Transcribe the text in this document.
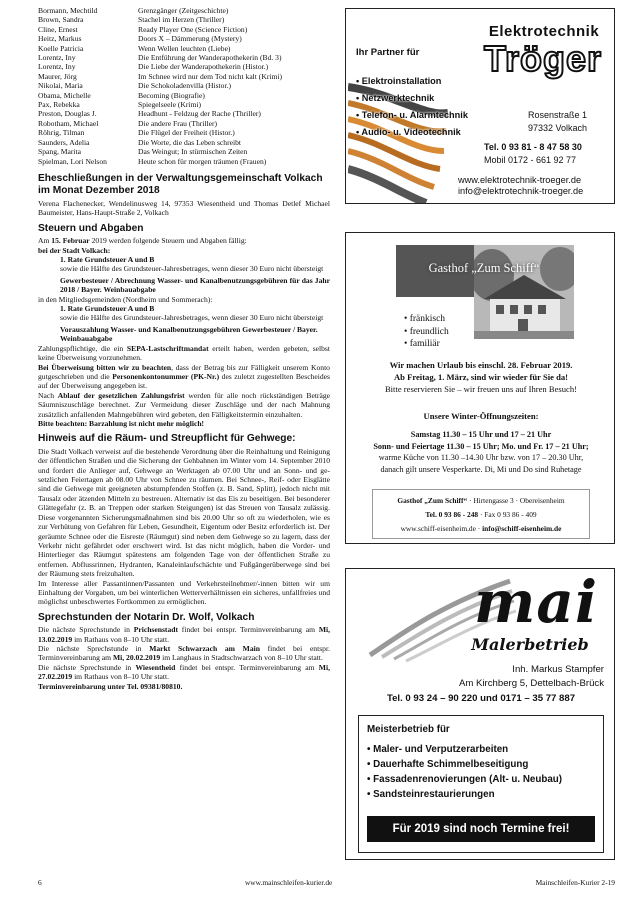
Bormann, Mechtild	Grenzgänger (Zeitgeschichte)
Brown, Sandra	Stachel im Herzen (Thriller)
Cline, Ernest	Ready Player One (Science Fiction)
Heitz, Markus	Doors X – Dämmerung (Mystery)
Koelle Patricia	Wenn Wellen leuchten (Liebe)
Lorentz, Iny	Die Entführung der Wanderapothekerin (Bd. 3)
Lorentz, Iny	Die Liebe der Wanderapothekerin (Histor.)
Maurer, Jörg	Im Schnee wird nur dem Tod nicht kalt (Krimi)
Nikolai, Maria	Die Schokoladenvilla (Histor.)
Obama, Michelle	Becoming (Biografie)
Pax, Rebekka	Spiegelseele (Krimi)
Preston, Douglas J.	Headhunt - Feldzug der Rache (Thriller)
Robotham, Michael	Die andere Frau (Thriller)
Röhrig, Tilman	Die Flügel der Freiheit (Histor.)
Saunders, Adelia	Die Worte, die das Leben schreibt
Spang, Marita	Das Weingut; In stürmischen Zeiten
Spielman, Lori Nelson	Heute schon für morgen träumen (Frauen)
Eheschließungen in der Verwaltungsgemeinschaft Volkach im Monat Dezember 2018

Verena Flachenecker, Wendelinusweg 14, 97353 Wiesentheid und Thomas Detlef Michael Baumeister, Hans-Haupt-Straße 2, Volkach

Steuern und Abgaben

Am 15. Februar 2019 werden folgende Steuern und Abgaben fällig:

bei der Stadt Volkach:

1. Rate Grundsteuer A und B

sowie die Hälfte des Grundsteuer-Jahresbetrages, wenn dieser 30 Euro nicht übersteigt

Gewerbesteuer / Abrechnung Wasser- und Kanalbenutzungsgebühren für das Jahr 2018 / Bayer. Weinbauabgabe

in den Mitgliedsgemeinden (Nordheim und Sommerach):

1. Rate Grundsteuer A und B

sowie die Hälfte des Grundsteuer-Jahresbetrages, wenn dieser 30 Euro nicht übersteigt

Vorauszahlung Wasser- und Kanalbenutzungsgebühren Gewerbesteuer / Bayer. Weinbauabgabe

Zahlungspflichtige, die ein SEPA-Lastschriftmandat erteilt haben, werden gebeten, selbst keine Überweisung vorzunehmen.

Bei Überweisung bitten wir zu beachten, dass der Betrag bis zur Fälligkeit unserem Konto gutgeschrieben und die Personenkontonummer (PK-Nr.) des zuletzt zugestellten Bescheides auf der Überweisung angegeben ist.

Nach Ablauf der gesetzlichen Zahlungsfrist werden für alle noch rückständigen Beträge Säumniszuschläge berechnet. Zur Vermeidung dieser Zuschläge und der nach Mahnung zusätzlich anfallenden Mahngebühren wird gebeten, den Fälligkeitstermin einzuhalten.

Bitte beachten: Barzahlung ist nicht mehr möglich!

Hinweis auf die Räum- und Streupflicht für Gehwege:

Die Stadt Volkach verweist auf die bestehende Verordnung über die Reinhaltung und Reinigung der öffentlichen Straßen und die Sicherung der Gehbahnen im Winter vom 14. September 2010 und fordert die Anlieger auf, Gehwege an Werktagen ab 07.00 Uhr und an Sonn- und gesetzlichen Feiertagen ab 08.00 Uhr von Schnee zu räumen. Bei Schnee-, Reif- oder Eisglätte sind die Gehwege mit geeigneten abstumpfenden Stoffen (z. B. Sand, Splitt), jedoch nicht mit Tausalz oder ätzenden Mitteln zu bestreuen. Alternativ ist das Eis zu beseitigen. Bei besonderer Glättegefahr (z. B. an Treppen oder starken Steigungen) ist das Streuen von Tausalz zulässig. Diese vorgenannten Sicherungsmaßnahmen sind bis 20.00 Uhr so oft zu wiederholen, wie es zur Verhütung von Gefahren für Leben, Gesundheit, Eigentum oder Besitz erforderlich ist. Der geräumte Schnee oder die Eisreste (Räumgut) sind neben dem Gehwege so zu lagern, dass der Verkehr nicht gefährdet oder erschwert wird. Ist das nicht möglich, haben die Vorder- und Hinterlieger das Räumgut spätestens am folgenden Tage von der öffentlichen Straße zu entfernen. Abflussrinnen, Hydranten, Kanaleinlaufschächte und Fußgängerüberwege sind bei der Räumung stets freizuhalten.

Im Interesse aller Passantinnen/Passanten und Verkehrsteilnehmer/-innen bitten wir um Einhaltung der Vorgaben, um bei winterlichen Wetterverhältnissen ein sicheres, unfallfreies und möglichst unbeschwertes Fortkommen zu ermöglichen.

Sprechstunden der Notarin Dr. Wolf, Volkach

Die nächste Sprechstunde in Prichsenstadt findet bei entspr. Terminvereinbarung am Mi, 13.02.2019 im Rathaus von 8–10 Uhr statt.

Die nächste Sprechstunde in Markt Schwarzach am Main findet bei entspr. Terminvereinbarung am Mi, 20.02.2019 im Langhaus in Stadtschwarzach von 8–10 Uhr statt.

Die nächste Sprechstunde in Wiesentheid findet bei entspr. Terminvereinbarung am Mi, 27.02.2019 im Rathaus von 8–10 Uhr statt.

Terminvereinbarung unter Tel. 09381/80810.

Elektrotechnik
Tröger
Ihr Partner für
• Elektroinstallation
• Netzwerktechnik
• Telefon- u. Alarmtechnik
• Audio- u. Videotechnik
Rosenstraße 1
97332 Volkach
Tel. 0 93 81 - 8 47 58 30
Mobil 0172 - 661 92 77
www.elektrotechnik-troeger.de
info@elektrotechnik-troeger.de
Gasthof „Zum Schiff“
• fränkisch
• freundlich
• familiär
Wir machen Urlaub bis einschl. 28. Februar 2019.
Ab Freitag, 1. März, sind wir wieder für Sie da!
Bitte reservieren Sie – wir freuen uns auf Ihren Besuch!
Unsere Winter-Öffnungszeiten:
Samstag 11.30 – 15 Uhr und 17 – 21 Uhr
Sonn- und Feiertage 11.30 – 15 Uhr; Mo. und Fr. 17 – 21 Uhr;
warme Küche von 11.30 –14.30 Uhr bzw. von 17 – 20.30 Uhr,
danach gilt unsere Vesperkarte. Di, Mi und Do sind Ruhetage
Gasthof „Zum Schiff“ · Hirtengasse 3 · Obereisenheim
Tel. 0 93 86 - 248 · Fax 0 93 86 - 409
www.schiff-eisenheim.de · info@schiff-eisenheim.de
mai
Malerbetrieb
Inh. Markus Stampfer
Am Kirchberg 5, Dettelbach-Brück
Tel. 0 93 24 – 90 220 und 0171 – 35 77 887
Meisterbetrieb für
• Maler- und Verputzerarbeiten
• Dauerhafte Schimmelbeseitigung
• Fassadenrenovierungen (Alt- u. Neubau)
• Sandsteinrestaurierungen
Für 2019 sind noch Termine frei!
6	www.mainschleifen-kurier.de	Mainschleifen-Kurier 2-19
